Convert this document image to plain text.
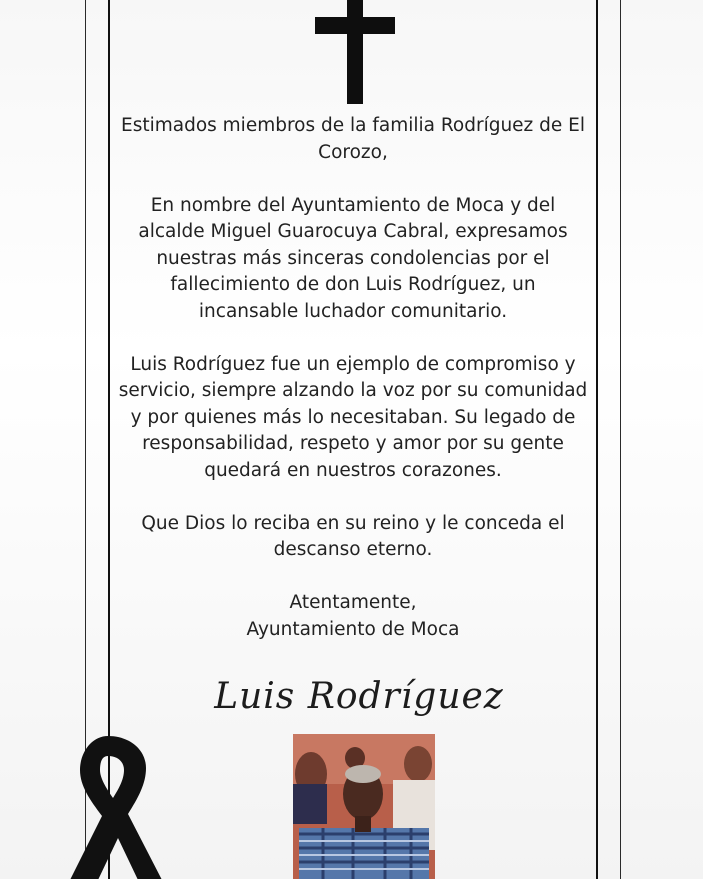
Estimados miembros de la familia Rodríguez de El Corozo,

En nombre del Ayuntamiento de Moca y del alcalde Miguel Guarocuya Cabral, expresamos nuestras más sinceras condolencias por el fallecimiento de don Luis Rodríguez, un incansable luchador comunitario.

Luis Rodríguez fue un ejemplo de compromiso y servicio, siempre alzando la voz por su comunidad y por quienes más lo necesitaban. Su legado de responsabilidad, respeto y amor por su gente quedará en nuestros corazones.

Que Dios lo reciba en su reino y le conceda el descanso eterno.

Atentamente,

Ayuntamiento de Moca

Luis Rodríguez
